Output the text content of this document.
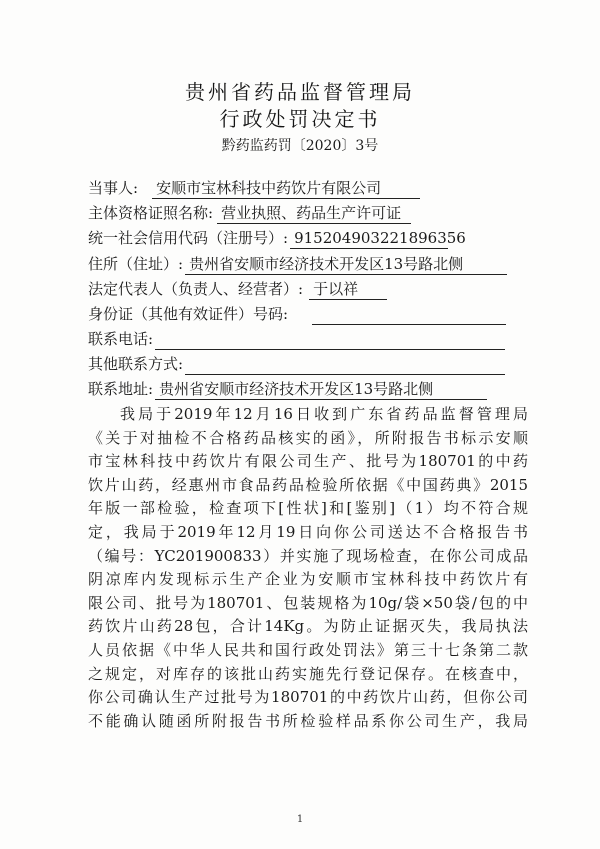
贵州省药品监督管理局
行政处罚决定书
黔药监药罚〔2020〕3号
当事人: 安顺市宝林科技中药饮片有限公司
主体资格证照名称: 营业执照、药品生产许可证
统一社会信用代码（注册号）: 915204903221896356
住所（住址）: 贵州省安顺市经济技术开发区13号路北侧
法定代表人（负责人、经营者）: 于以祥
身份证（其他有效证件）号码:
联系电话:
其他联系方式:
联系地址: 贵州省安顺市经济技术开发区13号路北侧
我局于2019年12月16日收到广东省药品监督管理局
《关于对抽检不合格药品核实的函》，所附报告书标示安顺
市宝林科技中药饮片有限公司生产、批号为180701的中药
饮片山药，经惠州市食品药品检验所依据《中国药典》2015
年版一部检验，检查项下[性状]和[鉴别]（1）均不符合规
定，我局于2019年12月19日向你公司送达不合格报告书
（编号：YC201900833）并实施了现场检查，在你公司成品
阴凉库内发现标示生产企业为安顺市宝林科技中药饮片有
限公司、批号为180701、包装规格为10g/袋×50袋/包的中
药饮片山药28包，合计14Kg。为防止证据灭失，我局执法
人员依据《中华人民共和国行政处罚法》第三十七条第二款
之规定，对库存的该批山药实施先行登记保存。在核查中，
你公司确认生产过批号为180701的中药饮片山药，但你公司
不能确认随函所附报告书所检验样品系你公司生产，我局
1
